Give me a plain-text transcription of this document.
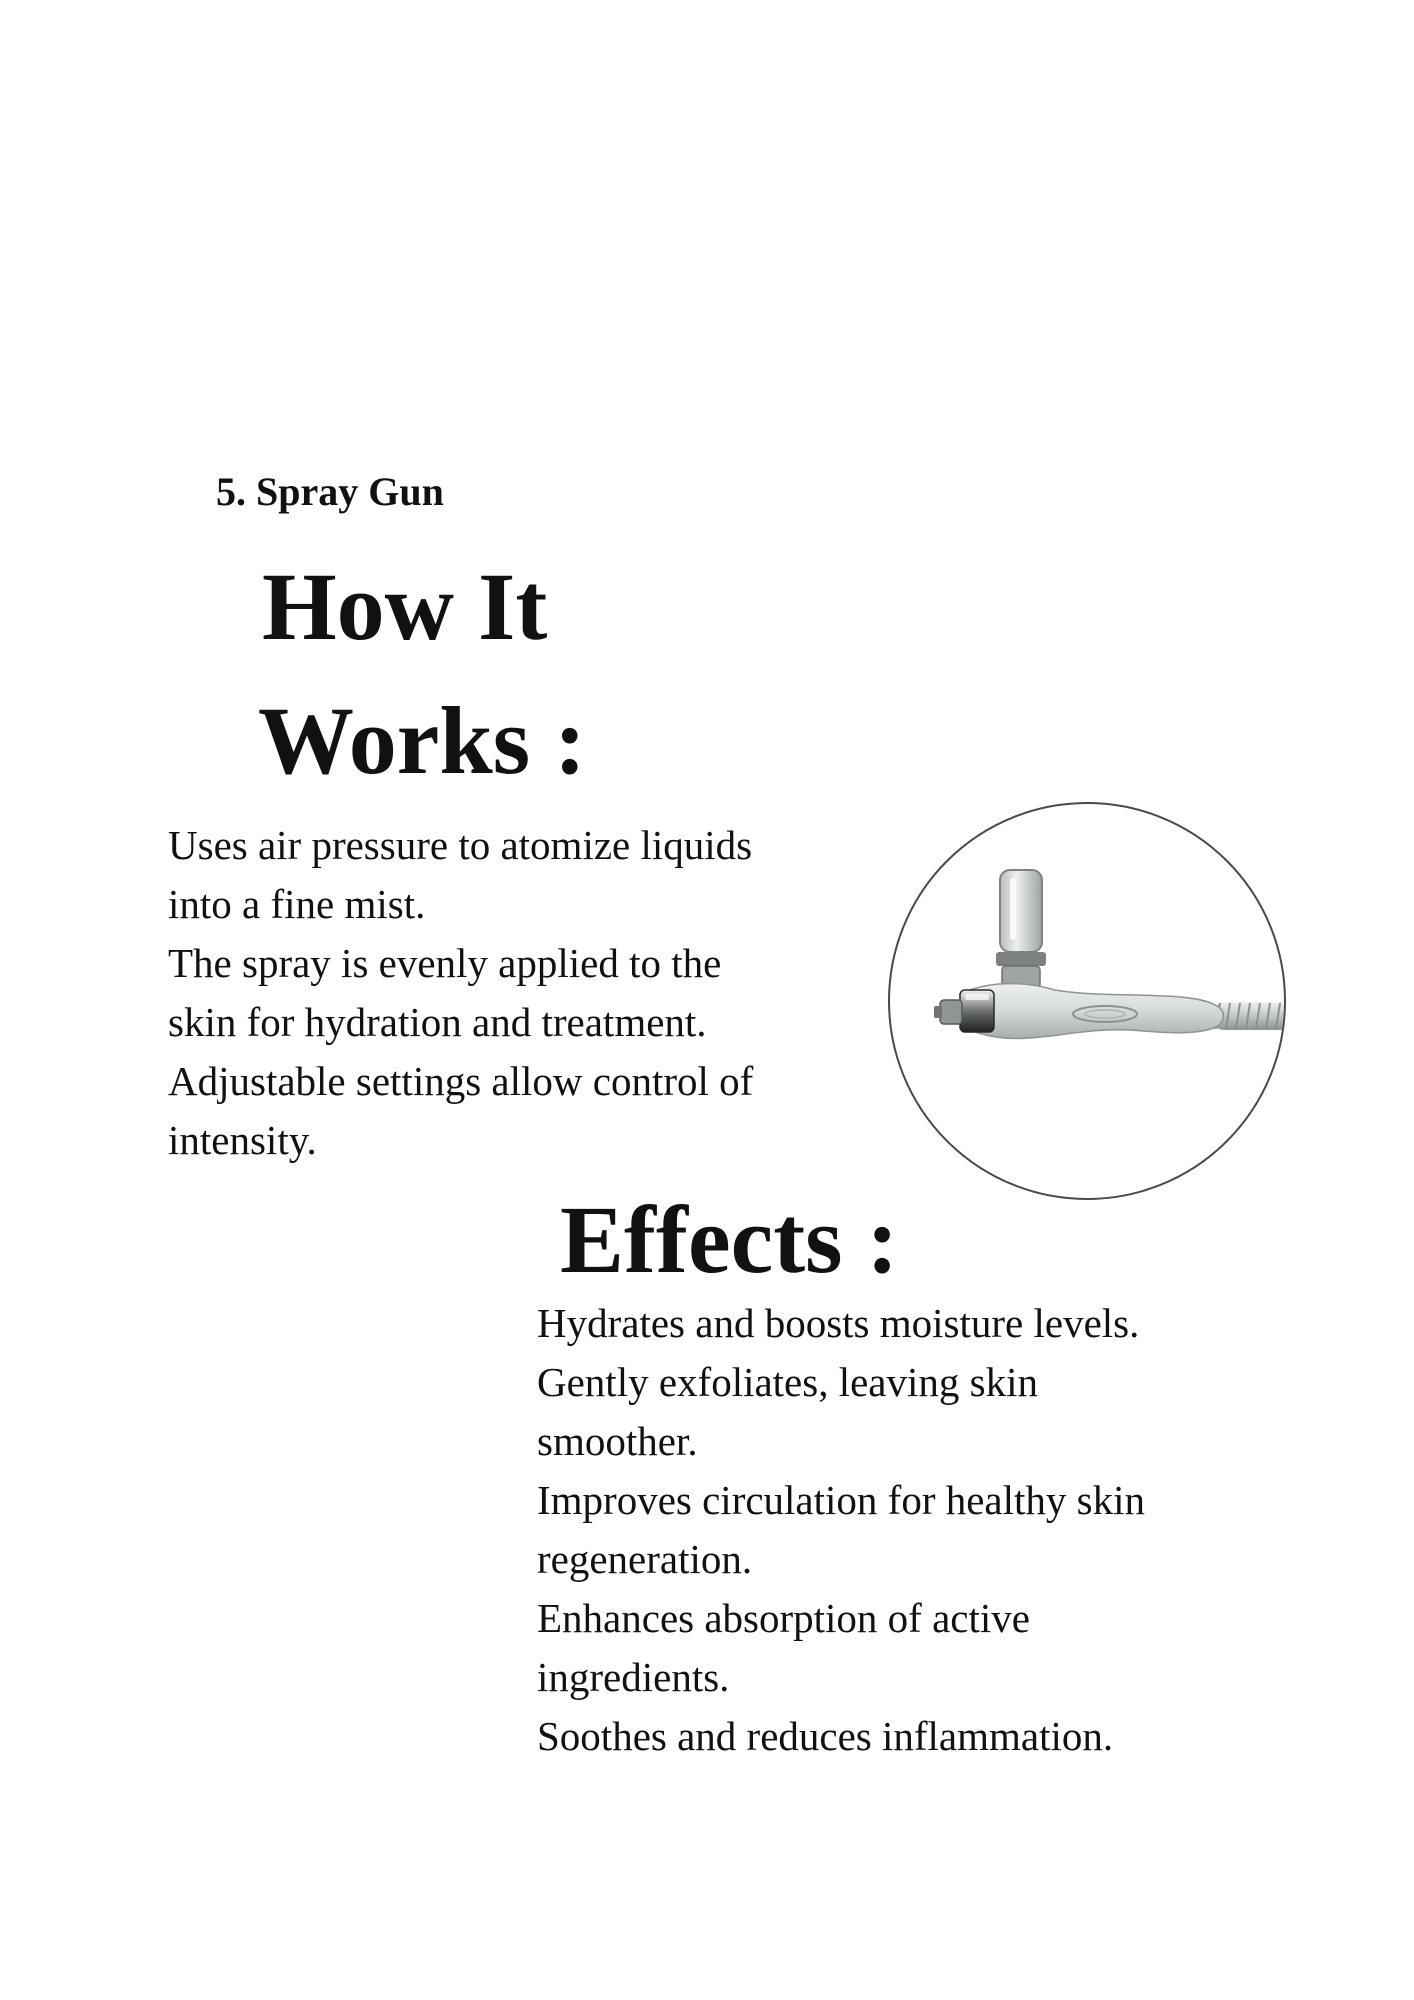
5. Spray Gun
How It
Works :

Uses air pressure to atomize liquids

into a fine mist.

The spray is evenly applied to the

skin for hydration and treatment.

Adjustable settings allow control of

intensity.

Effects :

Hydrates and boosts moisture levels.

Gently exfoliates, leaving skin

smoother.

Improves circulation for healthy skin

regeneration.

Enhances absorption of active

ingredients.

Soothes and reduces inflammation.
